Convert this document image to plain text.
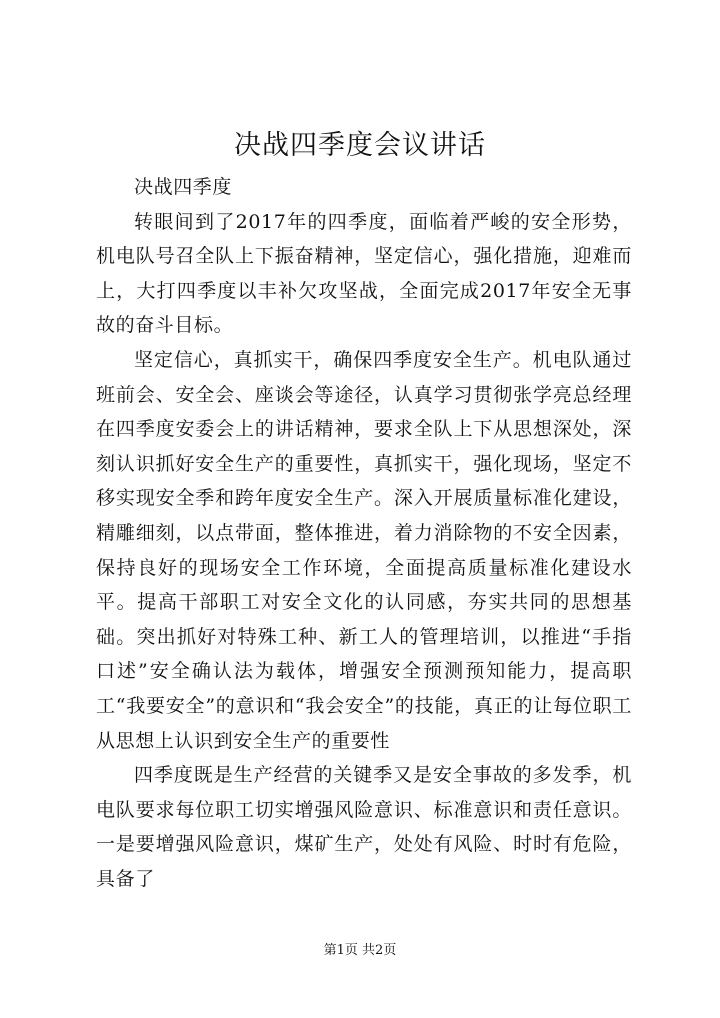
决战四季度会议讲话

决战四季度

转眼间到了2017年的四季度，面临着严峻的安全形势，机电队号召全队上下振奋精神，坚定信心，强化措施，迎难而上，大打四季度以丰补欠攻坚战，全面完成2017年安全无事故的奋斗目标。

坚定信心，真抓实干，确保四季度安全生产。机电队通过班前会、安全会、座谈会等途径，认真学习贯彻张学亮总经理在四季度安委会上的讲话精神，要求全队上下从思想深处，深刻认识抓好安全生产的重要性，真抓实干，强化现场，坚定不移实现安全季和跨年度安全生产。深入开展质量标准化建设，精雕细刻，以点带面，整体推进，着力消除物的不安全因素，保持良好的现场安全工作环境，全面提高质量标准化建设水平。提高干部职工对安全文化的认同感，夯实共同的思想基础。突出抓好对特殊工种、新工人的管理培训，以推进“手指口述”安全确认法为载体，增强安全预测预知能力，提高职工“我要安全”的意识和“我会安全”的技能，真正的让每位职工从思想上认识到安全生产的重要性

四季度既是生产经营的关键季又是安全事故的多发季，机电队要求每位职工切实增强风险意识、标准意识和责任意识。一是要增强风险意识，煤矿生产，处处有风险、时时有危险，具备了

第1页 共2页
